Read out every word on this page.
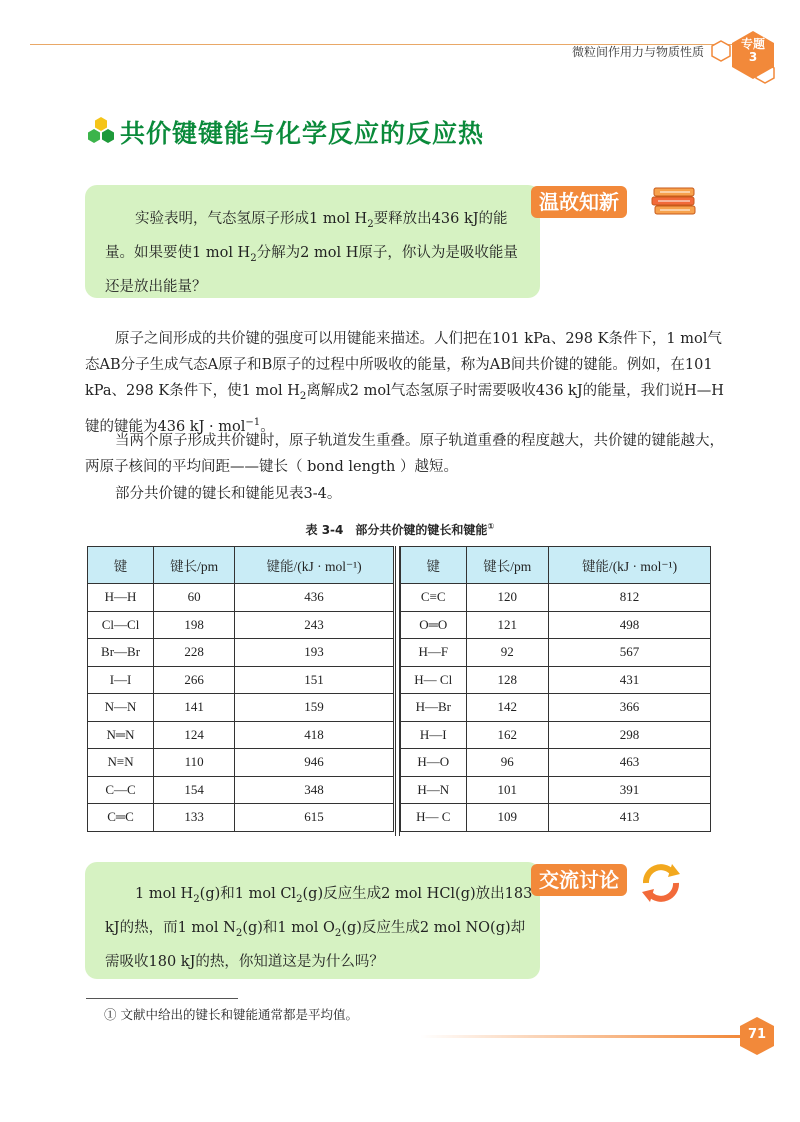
微粒间作用力与物质性质
专题
3
共价键键能与化学反应的反应热
温故知新
实验表明，气态氢原子形成1 mol $H_2$要释放出436 kJ的能量。如果要使1 mol $H_2$分解为2 mol H原子，你认为是吸收能量还是放出能量？
原子之间形成的共价键的强度可以用键能来描述。人们把在101 kPa、298 K条件下，1 mol气态AB分子生成气态A原子和B原子的过程中所吸收的能量，称为AB间共价键的键能。例如，在101 kPa、298 K条件下，使1 mol $H_2$离解成2 mol气态氢原子时需要吸收436 kJ的能量，我们说H—H键的键能为436 kJ · mol$^{-1}$。
当两个原子形成共价键时，原子轨道发生重叠。原子轨道重叠的程度越大，共价键的键能越大，两原子核间的平均间距——键长（ bond length ）越短。
部分共价键的键长和键能见表3-4。
表 3-4　部分共价键的键长和键能①
键	键长/pm	键能/(kJ · mol⁻¹)
H—H	60	436
Cl—Cl	198	243
Br—Br	228	193
I—I	266	151
N—N	141	159
N═N	124	418
N≡N	110	946
C—C	154	348
C═C	133	615
键	键长/pm	键能/(kJ · mol⁻¹)
C≡C	120	812
O═O	121	498
H—F	92	567
H— Cl	128	431
H—Br	142	366
H—I	162	298
H—O	96	463
H—N	101	391
H— C	109	413
交流讨论
1 mol $H_2(g)$和1 mol $Cl_2(g)$反应生成2 mol HCl(g)放出183 kJ的热，而1 mol $N_2(g)$和1 mol $O_2(g)$反应生成2 mol NO(g)却需吸收180 kJ的热，你知道这是为什么吗？
① 文献中给出的键长和键能通常都是平均值。
71
